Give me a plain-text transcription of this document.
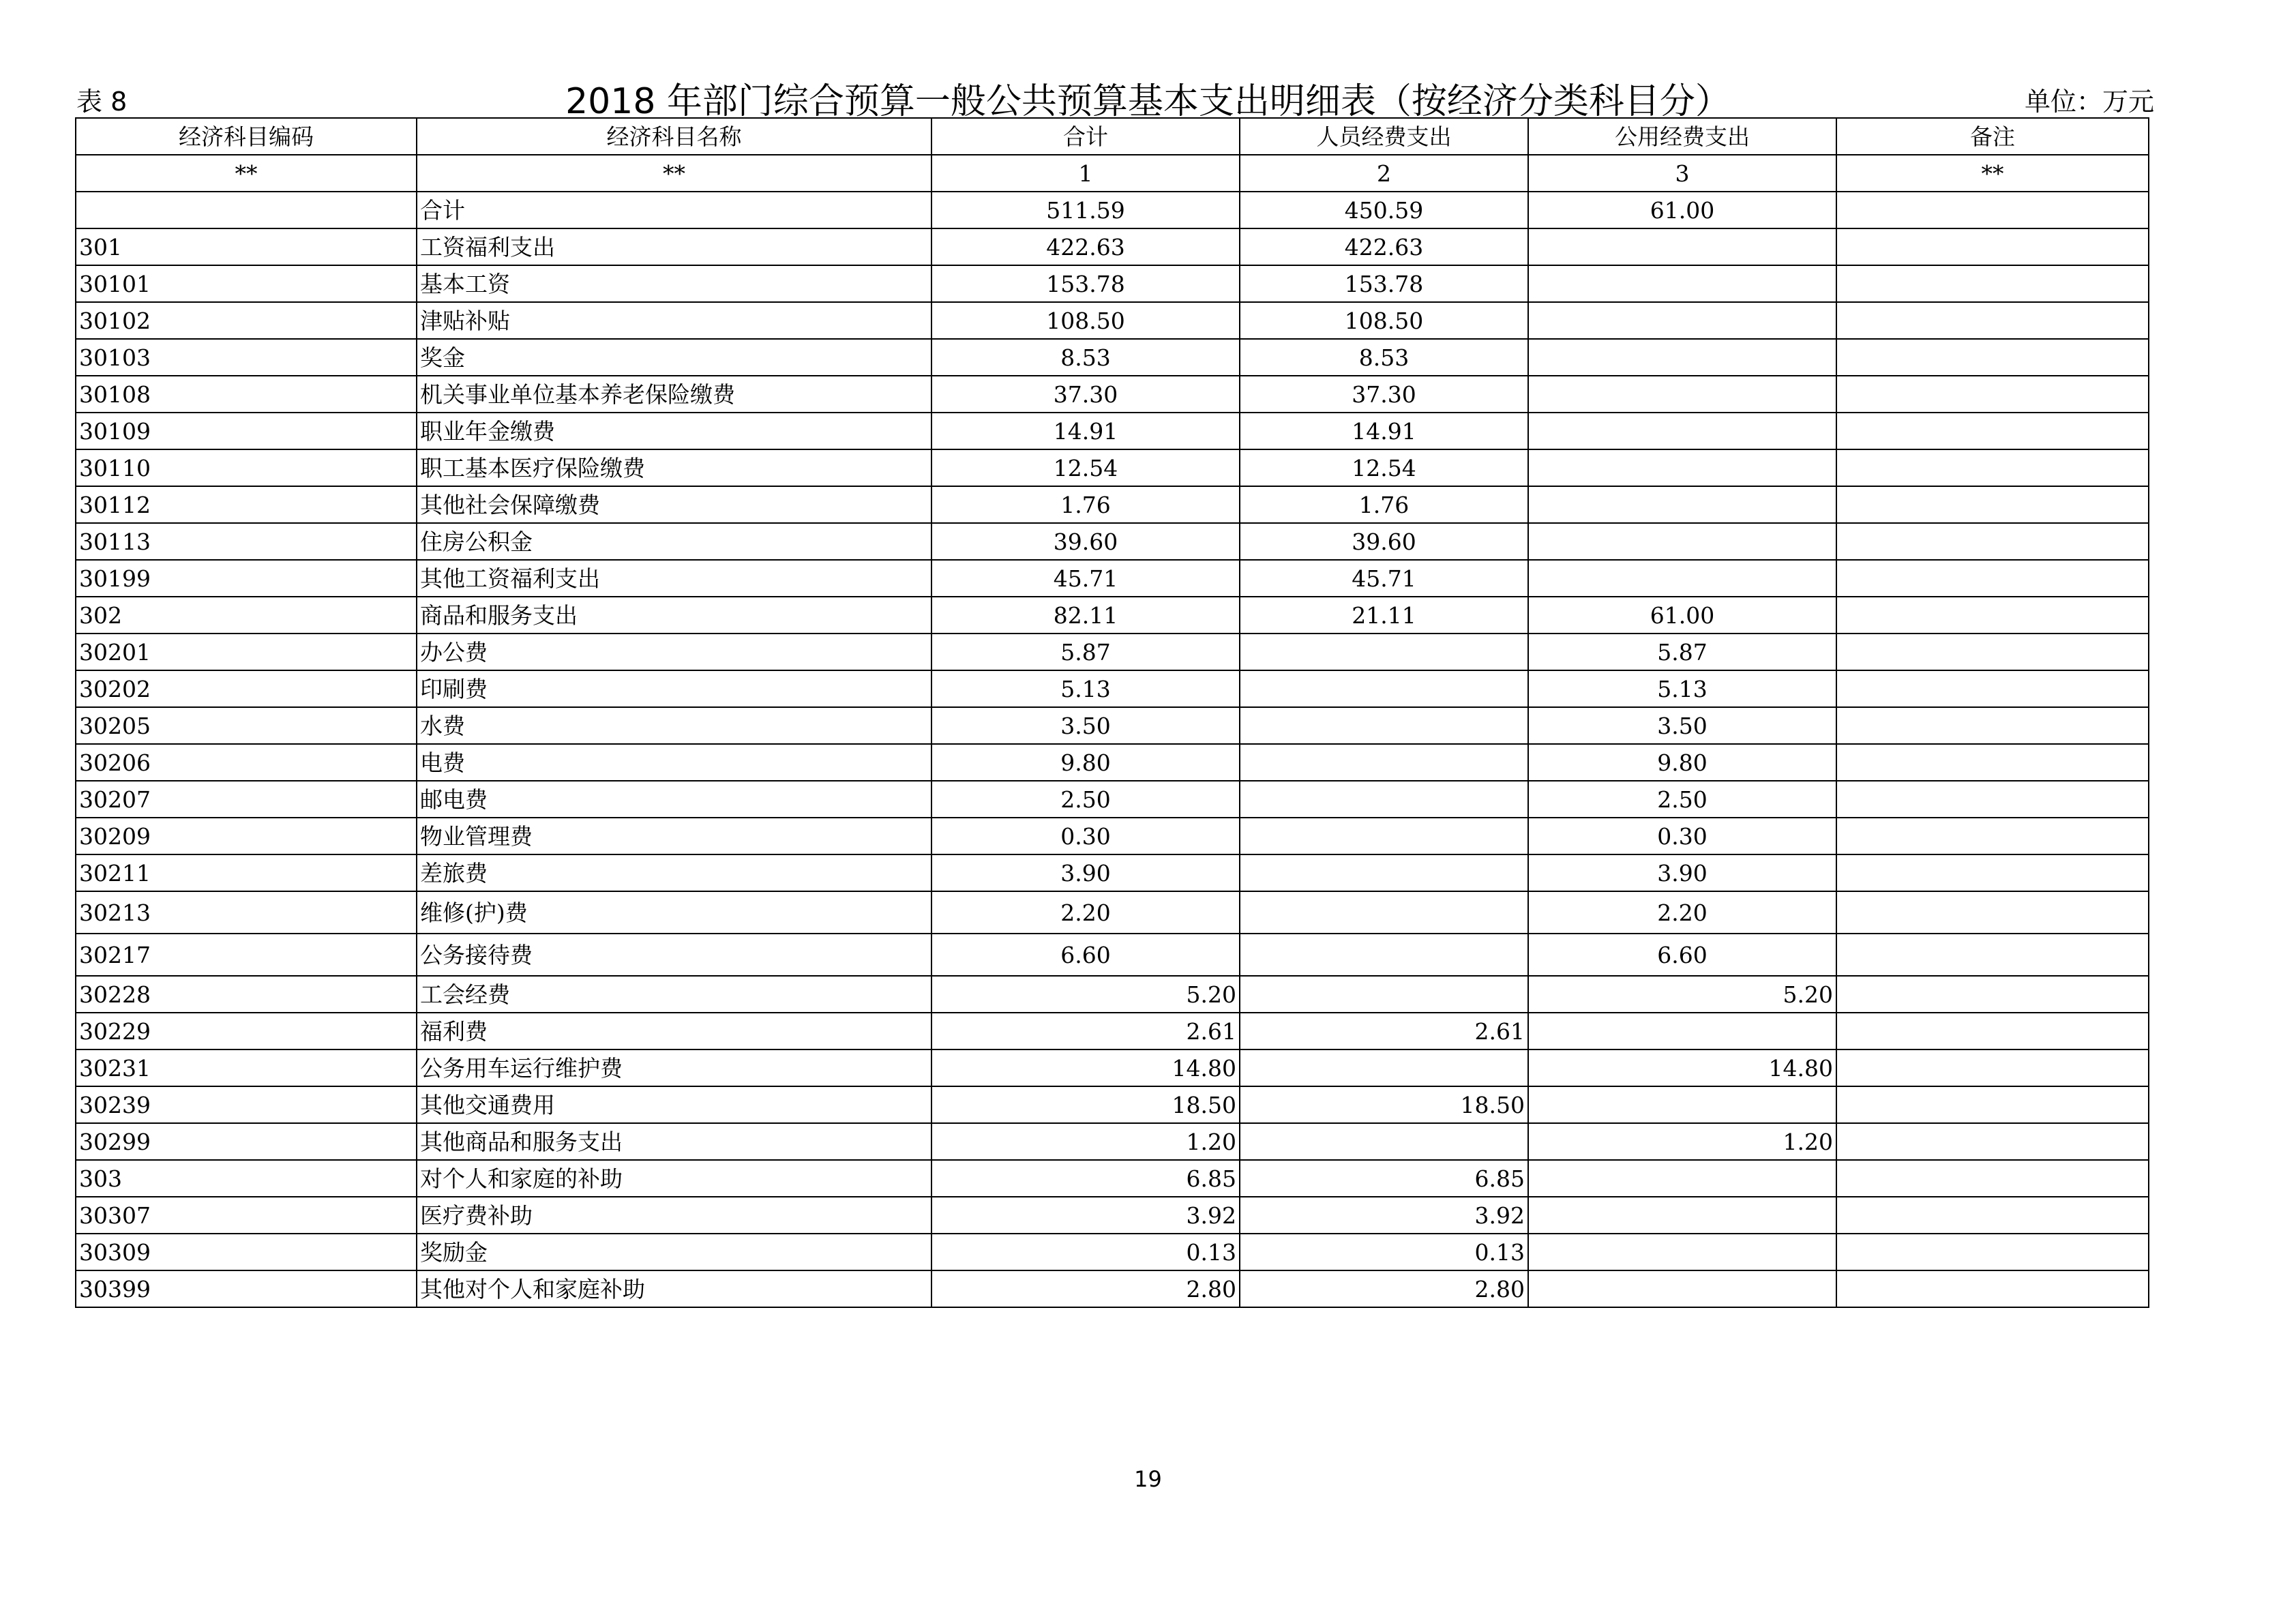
表 8	2018 年部门综合预算一般公共预算基本支出明细表（按经济分类科目分）	单位：万元
经济科目编码	经济科目名称	合计	人员经费支出	公用经费支出	备注
**	**	1	2	3	**
	合计	511.59	450.59	61.00	
301	工资福利支出	422.63	422.63		
30101	基本工资	153.78	153.78		
30102	津贴补贴	108.50	108.50		
30103	奖金	8.53	8.53		
30108	机关事业单位基本养老保险缴费	37.30	37.30		
30109	职业年金缴费	14.91	14.91		
30110	职工基本医疗保险缴费	12.54	12.54		
30112	其他社会保障缴费	1.76	1.76		
30113	住房公积金	39.60	39.60		
30199	其他工资福利支出	45.71	45.71		
302	商品和服务支出	82.11	21.11	61.00	
30201	办公费	5.87		5.87	
30202	印刷费	5.13		5.13	
30205	水费	3.50		3.50	
30206	电费	9.80		9.80	
30207	邮电费	2.50		2.50	
30209	物业管理费	0.30		0.30	
30211	差旅费	3.90		3.90	
30213	维修(护)费	2.20		2.20	
30217	公务接待费	6.60		6.60	
30228	工会经费	5.20		5.20	
30229	福利费	2.61	2.61		
30231	公务用车运行维护费	14.80		14.80	
30239	其他交通费用	18.50	18.50		
30299	其他商品和服务支出	1.20		1.20	
303	对个人和家庭的补助	6.85	6.85		
30307	医疗费补助	3.92	3.92		
30309	奖励金	0.13	0.13		
30399	其他对个人和家庭补助	2.80	2.80		
19
